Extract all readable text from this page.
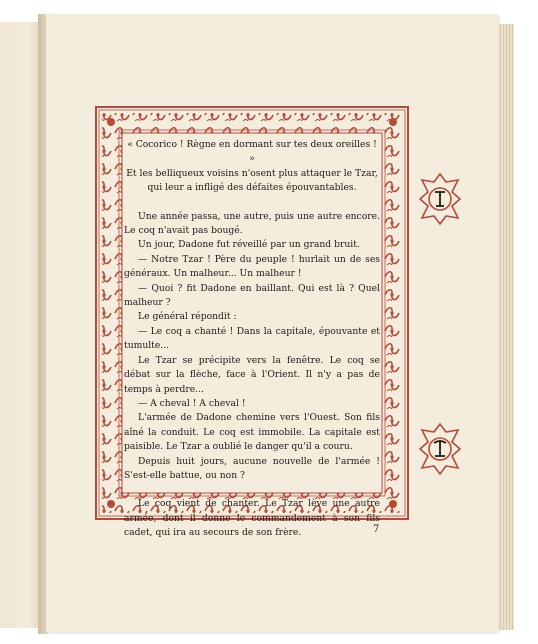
« Cocorico ! Règne en dormant sur tes deux oreilles ! »

Et les belliqueux voisins n'osent plus attaquer le Tzar, qui leur a infligé des défaites épouvantables.

Une année passa, une autre, puis une autre encore. Le coq n'avait pas bougé.

Un jour, Dadone fut réveillé par un grand bruit.

— Notre Tzar ! Père du peuple ! hurlait un de ses généraux. Un malheur... Un malheur !

— Quoi ? fit Dadone en baillant. Qui est là ? Quel malheur ?

Le général répondit :

— Le coq a chanté ! Dans la capitale, épouvante et tumulte...

Le Tzar se précipite vers la fenêtre. Le coq se débat sur la flèche, face à l'Orient. Il n'y a pas de temps à perdre...

— A cheval ! A cheval !

L'armée de Dadone chemine vers l'Ouest. Son fils aîné la conduit. Le coq est immobile. La capitale est paisible. Le Tzar a oublié le danger qu'il a couru.

Depuis huit jours, aucune nouvelle de l'armée ! S'est-elle battue, ou non ?

Le coq vient de chanter. Le Tzar lève une autre armée, dont il donne le commandement à son fils cadet, qui ira au secours de son frère.	7
